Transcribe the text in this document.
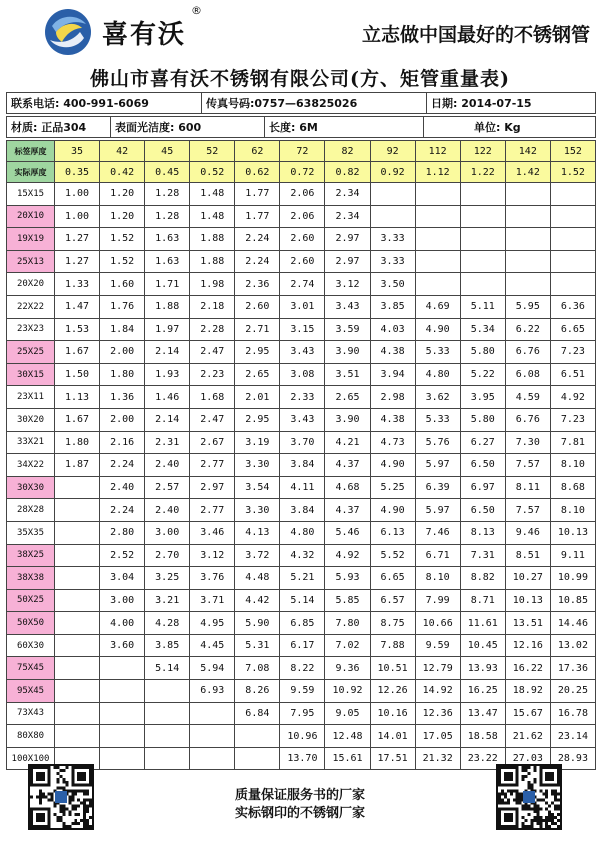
喜有沃
®
立志做中国最好的不锈钢管
佛山市喜有沃不锈钢有限公司(方、矩管重量表)
联系电话: 400-991-6069	传真号码:0757—63825026	日期: 2014-07-15
材质: 正品304	表面光洁度: 600	长度: 6M	单位: Kg
标签厚度	35	42	45	52	62	72	82	92	112	122	142	152
实际厚度	0.35	0.42	0.45	0.52	0.62	0.72	0.82	0.92	1.12	1.22	1.42	1.52
15X15	1.00	1.20	1.28	1.48	1.77	2.06	2.34					
20X10	1.00	1.20	1.28	1.48	1.77	2.06	2.34					
19X19	1.27	1.52	1.63	1.88	2.24	2.60	2.97	3.33				
25X13	1.27	1.52	1.63	1.88	2.24	2.60	2.97	3.33				
20X20	1.33	1.60	1.71	1.98	2.36	2.74	3.12	3.50				
22X22	1.47	1.76	1.88	2.18	2.60	3.01	3.43	3.85	4.69	5.11	5.95	6.36
23X23	1.53	1.84	1.97	2.28	2.71	3.15	3.59	4.03	4.90	5.34	6.22	6.65
25X25	1.67	2.00	2.14	2.47	2.95	3.43	3.90	4.38	5.33	5.80	6.76	7.23
30X15	1.50	1.80	1.93	2.23	2.65	3.08	3.51	3.94	4.80	5.22	6.08	6.51
23X11	1.13	1.36	1.46	1.68	2.01	2.33	2.65	2.98	3.62	3.95	4.59	4.92
30X20	1.67	2.00	2.14	2.47	2.95	3.43	3.90	4.38	5.33	5.80	6.76	7.23
33X21	1.80	2.16	2.31	2.67	3.19	3.70	4.21	4.73	5.76	6.27	7.30	7.81
34X22	1.87	2.24	2.40	2.77	3.30	3.84	4.37	4.90	5.97	6.50	7.57	8.10
30X30		2.40	2.57	2.97	3.54	4.11	4.68	5.25	6.39	6.97	8.11	8.68
28X28		2.24	2.40	2.77	3.30	3.84	4.37	4.90	5.97	6.50	7.57	8.10
35X35		2.80	3.00	3.46	4.13	4.80	5.46	6.13	7.46	8.13	9.46	10.13
38X25		2.52	2.70	3.12	3.72	4.32	4.92	5.52	6.71	7.31	8.51	9.11
38X38		3.04	3.25	3.76	4.48	5.21	5.93	6.65	8.10	8.82	10.27	10.99
50X25		3.00	3.21	3.71	4.42	5.14	5.85	6.57	7.99	8.71	10.13	10.85
50X50		4.00	4.28	4.95	5.90	6.85	7.80	8.75	10.66	11.61	13.51	14.46
60X30		3.60	3.85	4.45	5.31	6.17	7.02	7.88	9.59	10.45	12.16	13.02
75X45			5.14	5.94	7.08	8.22	9.36	10.51	12.79	13.93	16.22	17.36
95X45				6.93	8.26	9.59	10.92	12.26	14.92	16.25	18.92	20.25
73X43					6.84	7.95	9.05	10.16	12.36	13.47	15.67	16.78
80X80						10.96	12.48	14.01	17.05	18.58	21.62	23.14
100X100						13.70	15.61	17.51	21.32	23.22	27.03	28.93
质量保证服务书的厂家
实标钢印的不锈钢厂家
